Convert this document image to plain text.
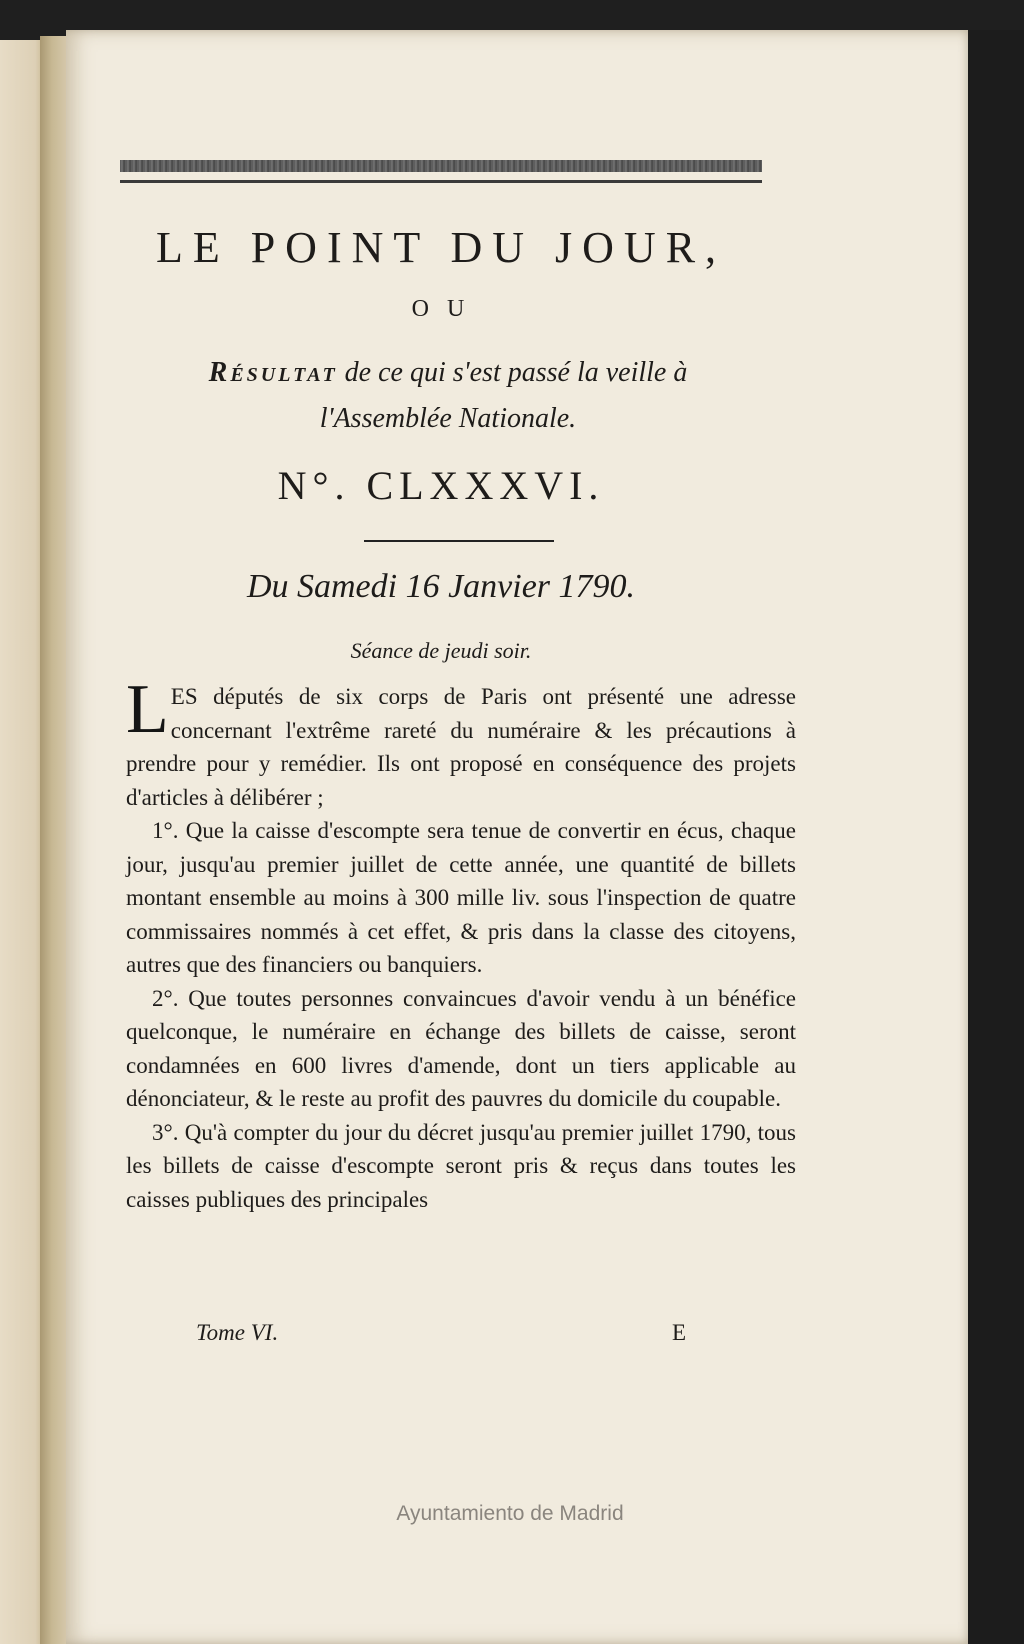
LE POINT DU JOUR,
O U
Résultat de ce qui s'est passé la veille à
l'Assemblée Nationale.
N°. CLXXXVI.
Du Samedi 16 Janvier 1790.
Séance de jeudi soir.

LES députés de six corps de Paris ont présenté une adresse concernant l'extrême rareté du numéraire & les précautions à prendre pour y remédier. Ils ont proposé en conséquence des projets d'articles à délibérer ;

1°. Que la caisse d'escompte sera tenue de convertir en écus, chaque jour, jusqu'au premier juillet de cette année, une quantité de billets montant ensemble au moins à 300 mille liv. sous l'inspection de quatre commissaires nommés à cet effet, & pris dans la classe des citoyens, autres que des financiers ou banquiers.

2°. Que toutes personnes convaincues d'avoir vendu à un bénéfice quelconque, le numéraire en échange des billets de caisse, seront condamnées en 600 livres d'amende, dont un tiers applicable au dénonciateur, & le reste au profit des pauvres du domicile du coupable.

3°. Qu'à compter du jour du décret jusqu'au premier juillet 1790, tous les billets de caisse d'escompte seront pris & reçus dans toutes les caisses publiques des principales

Tome VI.	E
Ayuntamiento de Madrid
